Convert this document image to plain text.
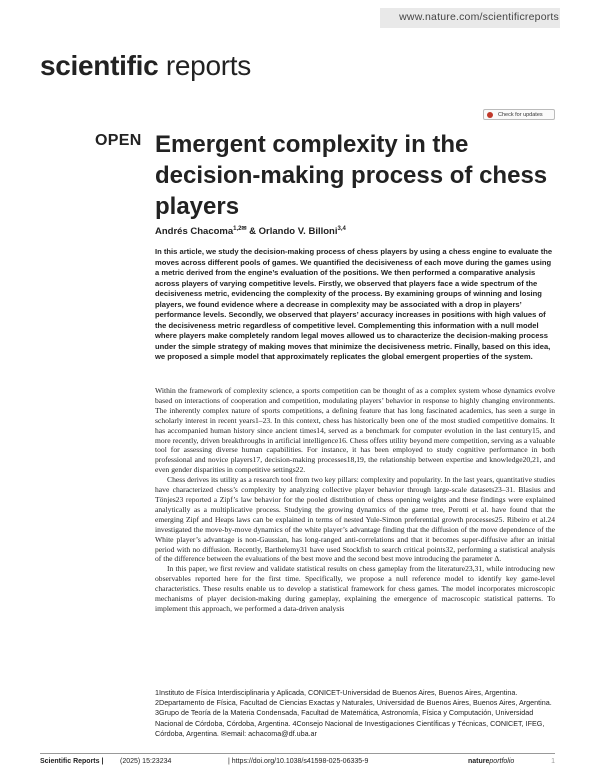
www.nature.com/scientificreports
scientific reports
Check for updates
OPEN Emergent complexity in the decision-making process of chess players
Andrés Chacoma$^{1,2✉}$ & Orlando V. Billoni$^{3,4}$

In this article, we study the decision-making process of chess players by using a chess engine to evaluate the moves across different pools of games. We quantified the decisiveness of each move during the games using a metric derived from the engine’s evaluation of the positions. We then performed a comparative analysis across players of varying competitive levels. Firstly, we observed that players face a wide spectrum of the decisiveness metric, evidencing the complexity of the process. By examining groups of winning and losing players, we found evidence where a decrease in complexity may be associated with a drop in players’ performance levels. Secondly, we observed that players’ accuracy increases in positions with high values of the decisiveness metric regardless of competitive level. Complementing this information with a null model where players make completely random legal moves allowed us to characterize the decision-making process under the simple strategy of making moves that minimize the decisiveness metric. Finally, based on this idea, we proposed a simple model that approximately replicates the global emergent properties of the system.

Within the framework of complexity science, a sports competition can be thought of as a complex system whose dynamics evolve based on interactions of cooperation and competition, modulating players’ behavior in response to highly changing environments. The inherently complex nature of sports competitions, a defining feature that has long fascinated academics, has seen a surge in scholarly interest in recent years1–23. In this context, chess has historically been one of the most studied competitive domains. It has accompanied human history since ancient times14, served as a benchmark for computer evolution in the last century15, and more recently, driven breakthroughs in artificial intelligence16. Chess offers utility beyond mere competition, serving as a valuable tool for assessing diverse human capabilities. For instance, it has been employed to study cognitive performance in both professional and novice players17, decision-making processes18,19, the relationship between expertise and knowledge20,21, and even gender disparities in competitive settings22.

Chess derives its utility as a research tool from two key pillars: complexity and popularity. In the last years, quantitative studies have characterized chess’s complexity by analyzing collective player behavior through large-scale datasets23–31. Blasius and Tönjes23 reported a Zipf’s law behavior for the pooled distribution of chess opening weights and these findings were explained analytically as a multiplicative process. Studying the growing dynamics of the game tree, Perotti et al. have found that the emerging Zipf and Heaps laws can be explained in terms of nested Yule-Simon preferential growth processes25. Ribeiro et al.24 investigated the move-by-move dynamics of the white player’s advantage finding that the diffusion of the move dependence of the White player’s advantage is non-Gaussian, has long-ranged anti-correlations and that it becomes super-diffusive after an initial period with no diffusion. Recently, Barthelemy31 have used Stockfish to search critical points32, performing a statistical analysis of the difference between the evaluations of the best move and the second best move introducing the parameter Δ.

In this paper, we first review and validate statistical results on chess gameplay from the literature23,31, while introducing new observables reported here for the first time. Specifically, we propose a null reference model to identify key game-level characteristics. These results enable us to develop a statistical framework for chess games. The model incorporates microscopic mechanisms of player decision-making during gameplay, explaining the emergence of macroscopic statistical patterns. To implement this approach, we performed a data-driven analysis

1Instituto de Física Interdisciplinaria y Aplicada, CONICET-Universidad de Buenos Aires, Buenos Aires, Argentina. 2Departamento de Física, Facultad de Ciencias Exactas y Naturales, Universidad de Buenos Aires, Buenos Aires, Argentina. 3Grupo de Teoría de la Materia Condensada, Facultad de Matemática, Astronomía, Física y Computación, Universidad Nacional de Córdoba, Córdoba, Argentina. 4Consejo Nacional de Investigaciones Científicas y Técnicas, CONICET, IFEG, Córdoba, Argentina. ✉email: achacoma@df.uba.ar

Scientific Reports | (2025) 15:23234	| https://doi.org/10.1038/s41598-025-06335-9	natureportfolio	1
